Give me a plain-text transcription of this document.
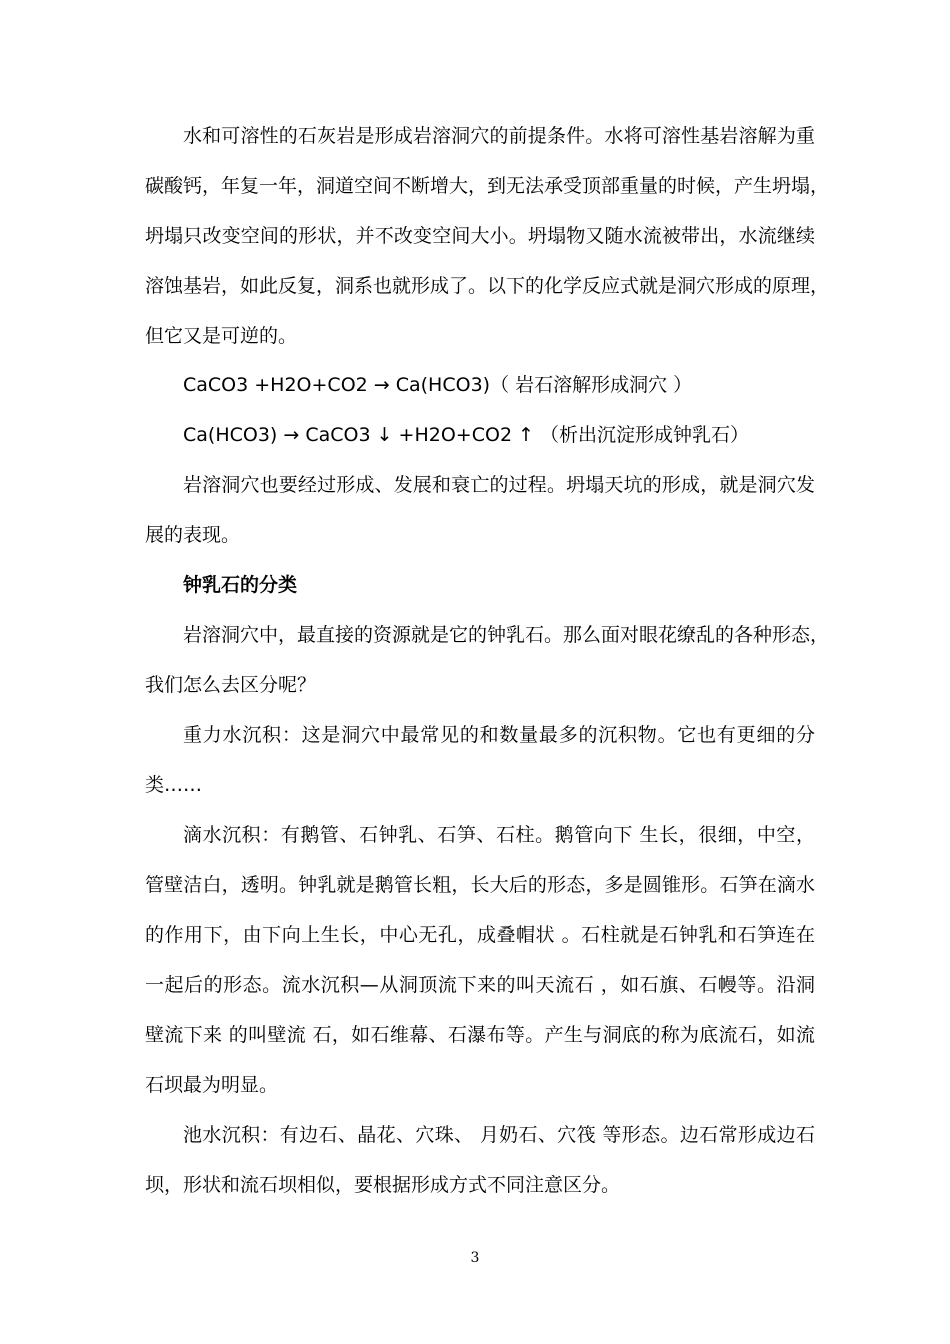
水和可溶性的石灰岩是形成岩溶洞穴的前提条件。水将可溶性基岩溶解为重

碳酸钙，年复一年，洞道空间不断增大，到无法承受顶部重量的时候，产生坍塌，

坍塌只改变空间的形状，并不改变空间大小。坍塌物又随水流被带出，水流继续

溶蚀基岩，如此反复，洞系也就形成了。以下的化学反应式就是洞穴形成的原理，

但它又是可逆的。

CaCO3 +H2O+CO2 → Ca(HCO3)（ 岩石溶解形成洞穴 ）

Ca(HCO3) → CaCO3 ↓ +H2O+CO2 ↑ （析出沉淀形成钟乳石）

岩溶洞穴也要经过形成、发展和衰亡的过程。坍塌天坑的形成，就是洞穴发

展的表现。

钟乳石的分类

岩溶洞穴中，最直接的资源就是它的钟乳石。那么面对眼花缭乱的各种形态，

我们怎么去区分呢？

重力水沉积：这是洞穴中最常见的和数量最多的沉积物。它也有更细的分

类……

滴水沉积：有鹅管、石钟乳、石笋、石柱。鹅管向下 生长，很细，中空，

管壁洁白，透明。钟乳就是鹅管长粗，长大后的形态，多是圆锥形。石笋在滴水

的作用下，由下向上生长，中心无孔，成叠帽状 。石柱就是石钟乳和石笋连在

一起后的形态。流水沉积—从洞顶流下来的叫天流石 ，如石旗、石幔等。沿洞

壁流下来 的叫壁流 石，如石维幕、石瀑布等。产生与洞底的称为底流石，如流

石坝最为明显。

池水沉积：有边石、晶花、穴珠、 月奶石、穴筏 等形态。边石常形成边石

坝，形状和流石坝相似，要根据形成方式不同注意区分。

3
